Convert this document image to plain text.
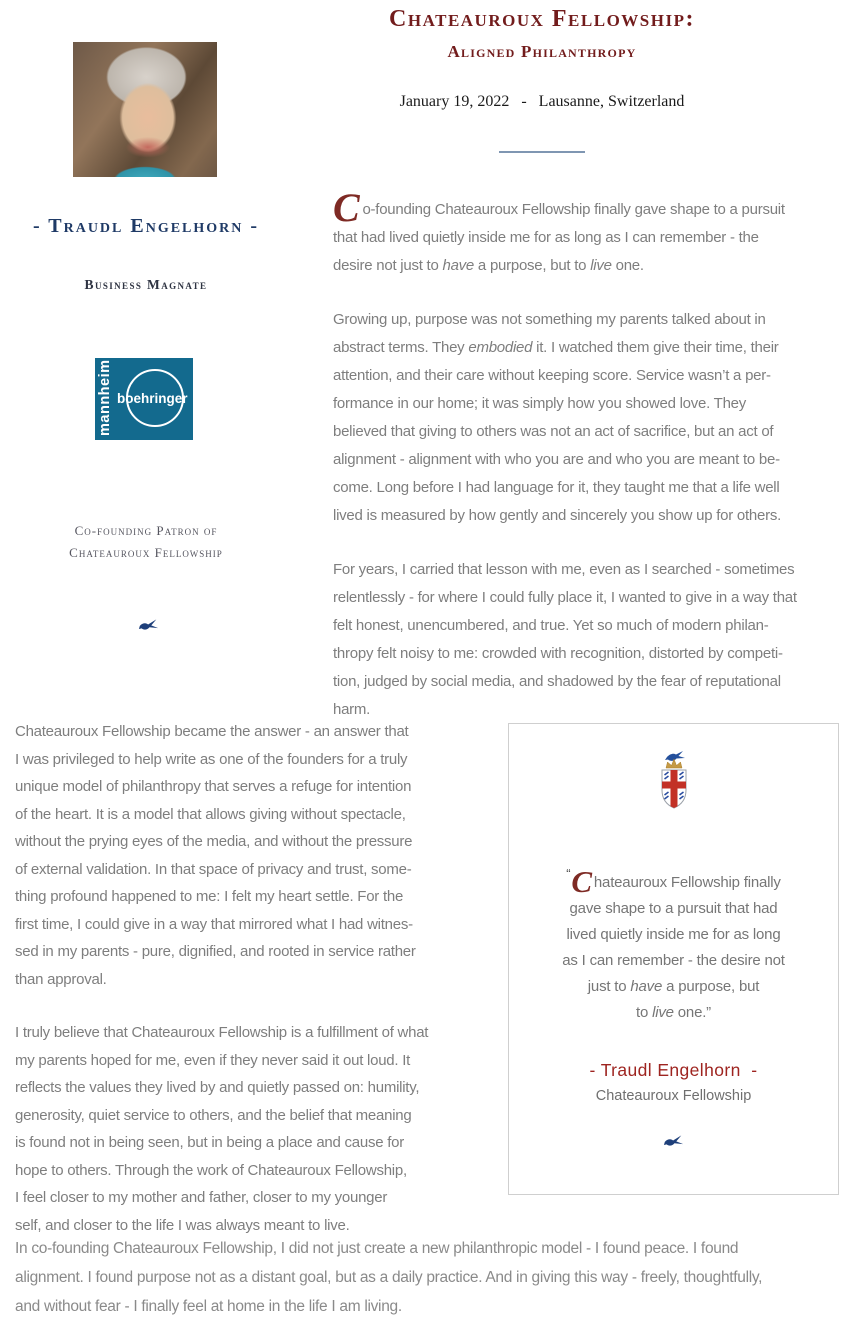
Chateauroux Fellowship:
Aligned Philanthropy
January 19, 2022   -   Lausanne, Switzerland
- Traudl Engelhorn -
Business Magnate
mannheim boehringer
Co-founding Patron of
Chateauroux Fellowship

Co-founding Chateauroux Fellowship finally gave shape to a pursuit
that had lived quietly inside me for as long as I can remember - the
desire not just to have a purpose, but to live one.

Growing up, purpose was not something my parents talked about in
abstract terms. They embodied it. I watched them give their time, their
attention, and their care without keeping score. Service wasn’t a per-
formance in our home; it was simply how you showed love. They
believed that giving to others was not an act of sacrifice, but an act of
alignment - alignment with who you are and who you are meant to be-
come. Long before I had language for it, they taught me that a life well
lived is measured by how gently and sincerely you show up for others.

For years, I carried that lesson with me, even as I searched - sometimes
relentlessly - for where I could fully place it, I wanted to give in a way that
felt honest, unencumbered, and true. Yet so much of modern philan-
thropy felt noisy to me: crowded with recognition, distorted by competi-
tion, judged by social media, and shadowed by the fear of reputational
harm.

Chateauroux Fellowship became the answer - an answer that
I was privileged to help write as one of the founders for a truly
unique model of philanthropy that serves a refuge for intention
of the heart. It is a model that allows giving without spectacle,
without the prying eyes of the media, and without the pressure
of external validation. In that space of privacy and trust, some-
thing profound happened to me: I felt my heart settle. For the
first time, I could give in a way that mirrored what I had witnes-
sed in my parents - pure, dignified, and rooted in service rather
than approval.

I truly believe that Chateauroux Fellowship is a fulfillment of what
my parents hoped for me, even if they never said it out loud. It
reflects the values they lived by and quietly passed on: humility,
generosity, quiet service to others, and the belief that meaning
is found not in being seen, but in being a place and cause for
hope to others. Through the work of Chateauroux Fellowship,
I feel closer to my mother and father, closer to my younger
self, and closer to the life I was always meant to live.

“C hateauroux Fellowship finally
gave shape to a pursuit that had
lived quietly inside me for as long
as I can remember - the desire not
just to have a purpose, but
to live one.”
- Traudl Engelhorn  -
Chateauroux Fellowship

In co-founding Chateauroux Fellowship, I did not just create a new philanthropic model - I found peace. I found
alignment. I found purpose not as a distant goal, but as a daily practice. And in giving this way - freely, thoughtfully,
and without fear - I finally feel at home in the life I am living.
